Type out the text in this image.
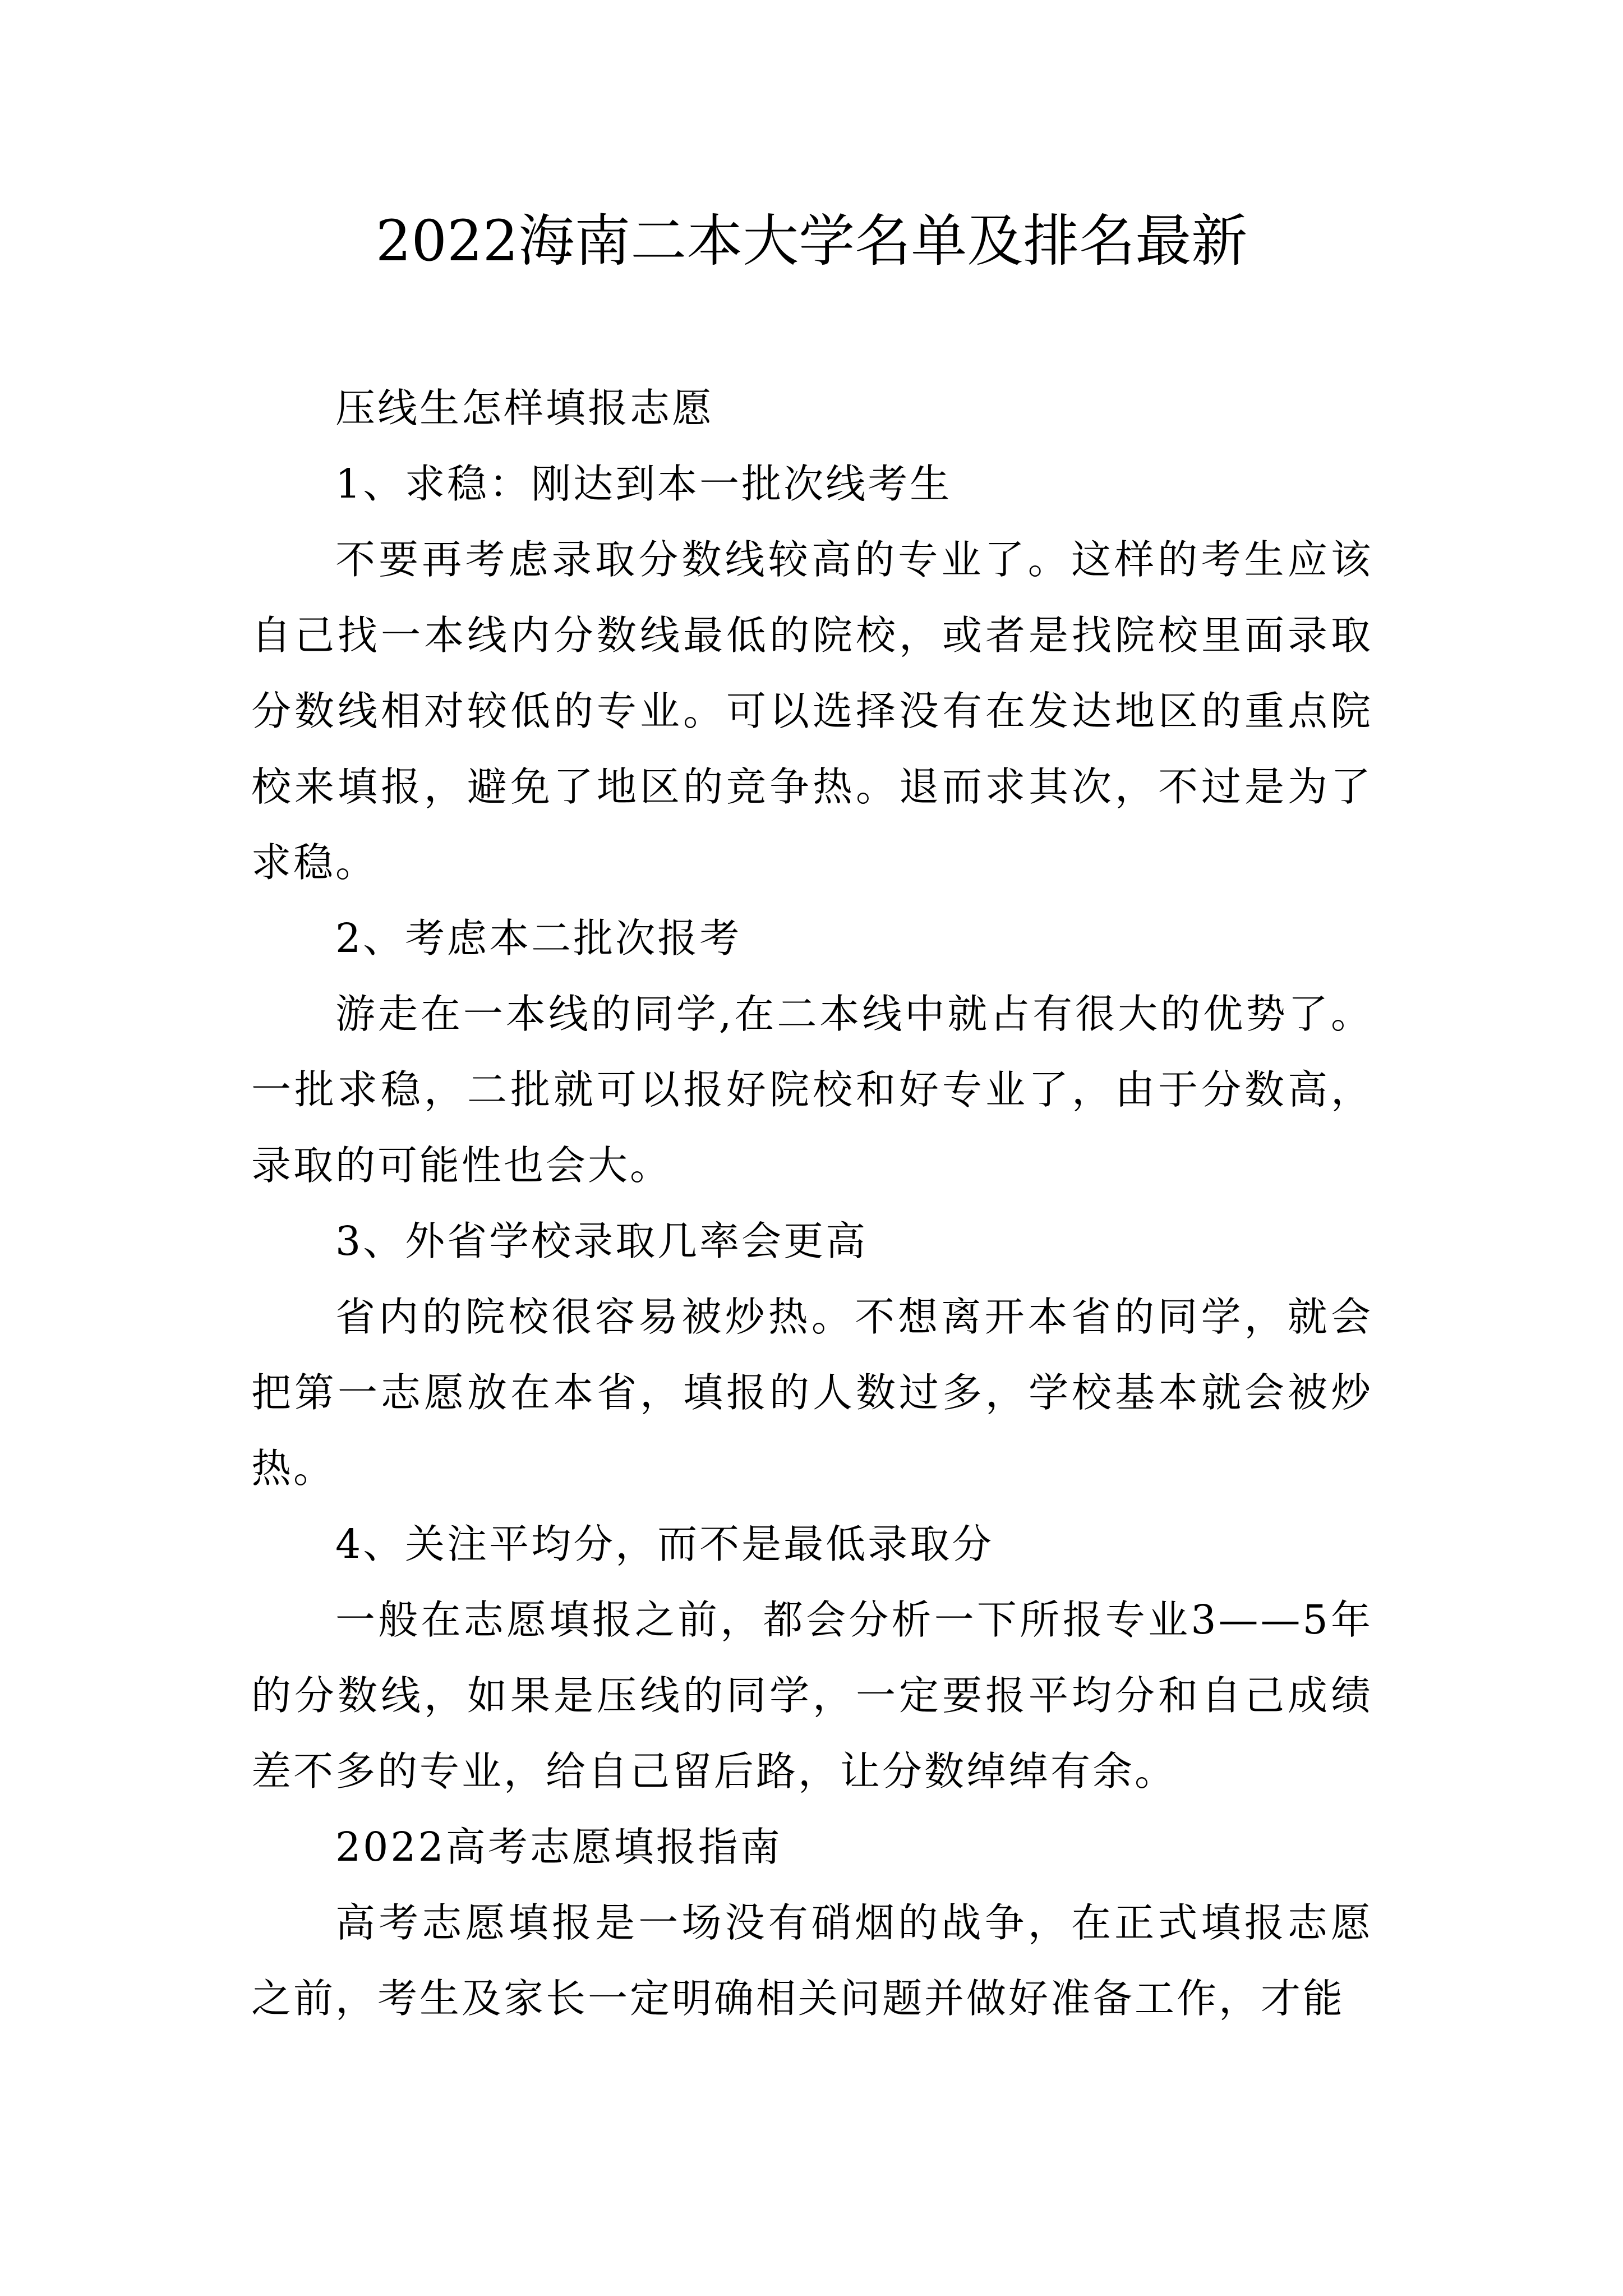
2022海南二本大学名单及排名最新

压线生怎样填报志愿

1、求稳：刚达到本一批次线考生

不要再考虑录取分数线较高的专业了。这样的考生应该自己找一本线内分数线最低的院校，或者是找院校里面录取分数线相对较低的专业。可以选择没有在发达地区的重点院校来填报，避免了地区的竞争热。退而求其次，不过是为了求稳。

2、考虑本二批次报考

游走在一本线的同学,在二本线中就占有很大的优势了。一批求稳，二批就可以报好院校和好专业了，由于分数高，录取的可能性也会大。

3、外省学校录取几率会更高

省内的院校很容易被炒热。不想离开本省的同学，就会把第一志愿放在本省，填报的人数过多，学校基本就会被炒热。

4、关注平均分，而不是最低录取分

一般在志愿填报之前，都会分析一下所报专业3——5年的分数线，如果是压线的同学，一定要报平均分和自己成绩差不多的专业，给自己留后路，让分数绰绰有余。

2022高考志愿填报指南

高考志愿填报是一场没有硝烟的战争，在正式填报志愿之前，考生及家长一定明确相关问题并做好准备工作，才能
